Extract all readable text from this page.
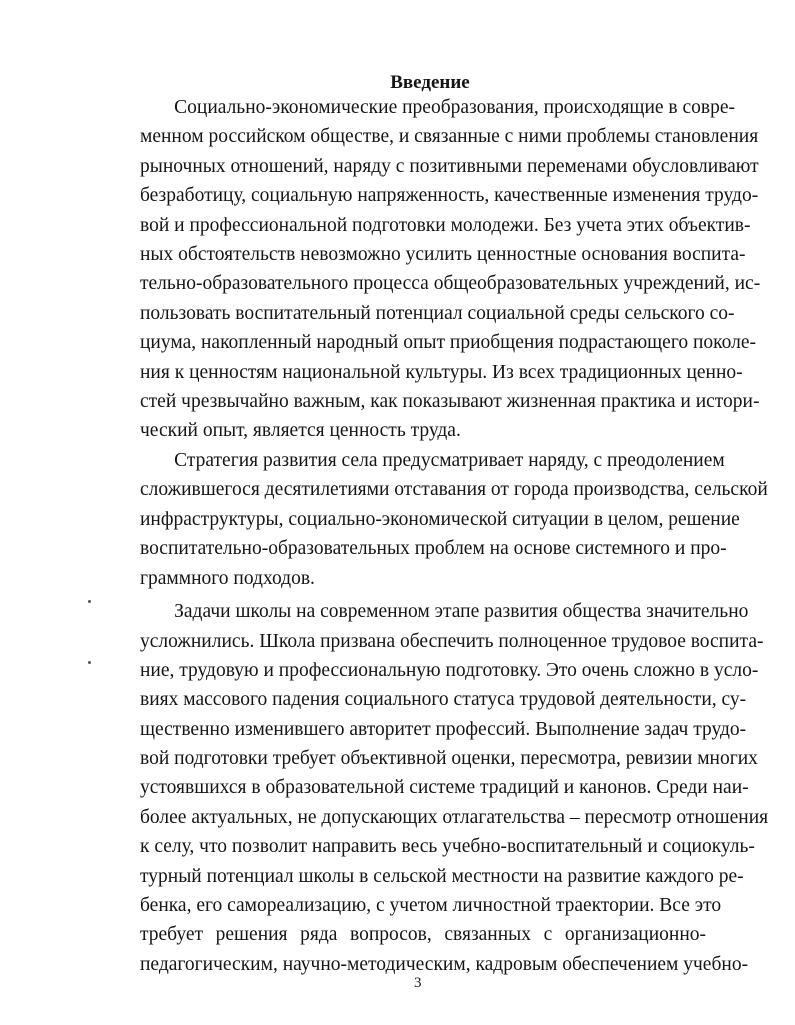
Введение
Социально-экономические преобразования, происходящие в совре-
менном российском обществе, и связанные с ними проблемы становления
рыночных отношений, наряду с позитивными переменами обусловливают
безработицу, социальную напряженность, качественные изменения трудо-
вой и профессиональной подготовки молодежи. Без учета этих объектив-
ных обстоятельств невозможно усилить ценностные основания воспита-
тельно-образовательного процесса общеобразовательных учреждений, ис-
пользовать воспитательный потенциал социальной среды сельского со-
циума, накопленный народный опыт приобщения подрастающего поколе-
ния к ценностям национальной культуры. Из всех традиционных ценно-
стей чрезвычайно важным, как показывают жизненная практика и истори-
ческий опыт, является ценность труда.
Стратегия развития села предусматривает наряду, с преодолением
сложившегося десятилетиями отставания от города производства, сельской
инфраструктуры, социально-экономической ситуации в целом, решение
воспитательно-образовательных проблем на основе системного и про-
граммного подходов.
Задачи школы на современном этапе развития общества значительно
усложнились. Школа призвана обеспечить полноценное трудовое воспита-
ние, трудовую и профессиональную подготовку. Это очень сложно в усло-
виях массового падения социального статуса трудовой деятельности, су-
щественно изменившего авторитет профессий. Выполнение задач трудо-
вой подготовки требует объективной оценки, пересмотра, ревизии многих
устоявшихся в образовательной системе традиций и канонов. Среди наи-
более актуальных, не допускающих отлагательства – пересмотр отношения
к селу, что позволит направить весь учебно-воспитательный и социокуль-
турный потенциал школы в сельской местности на развитие каждого ре-
бенка, его самореализацию, с учетом личностной траектории. Все это
требует решения ряда вопросов, связанных с организационно-
педагогическим, научно-методическим, кадровым обеспечением учебно-
3
